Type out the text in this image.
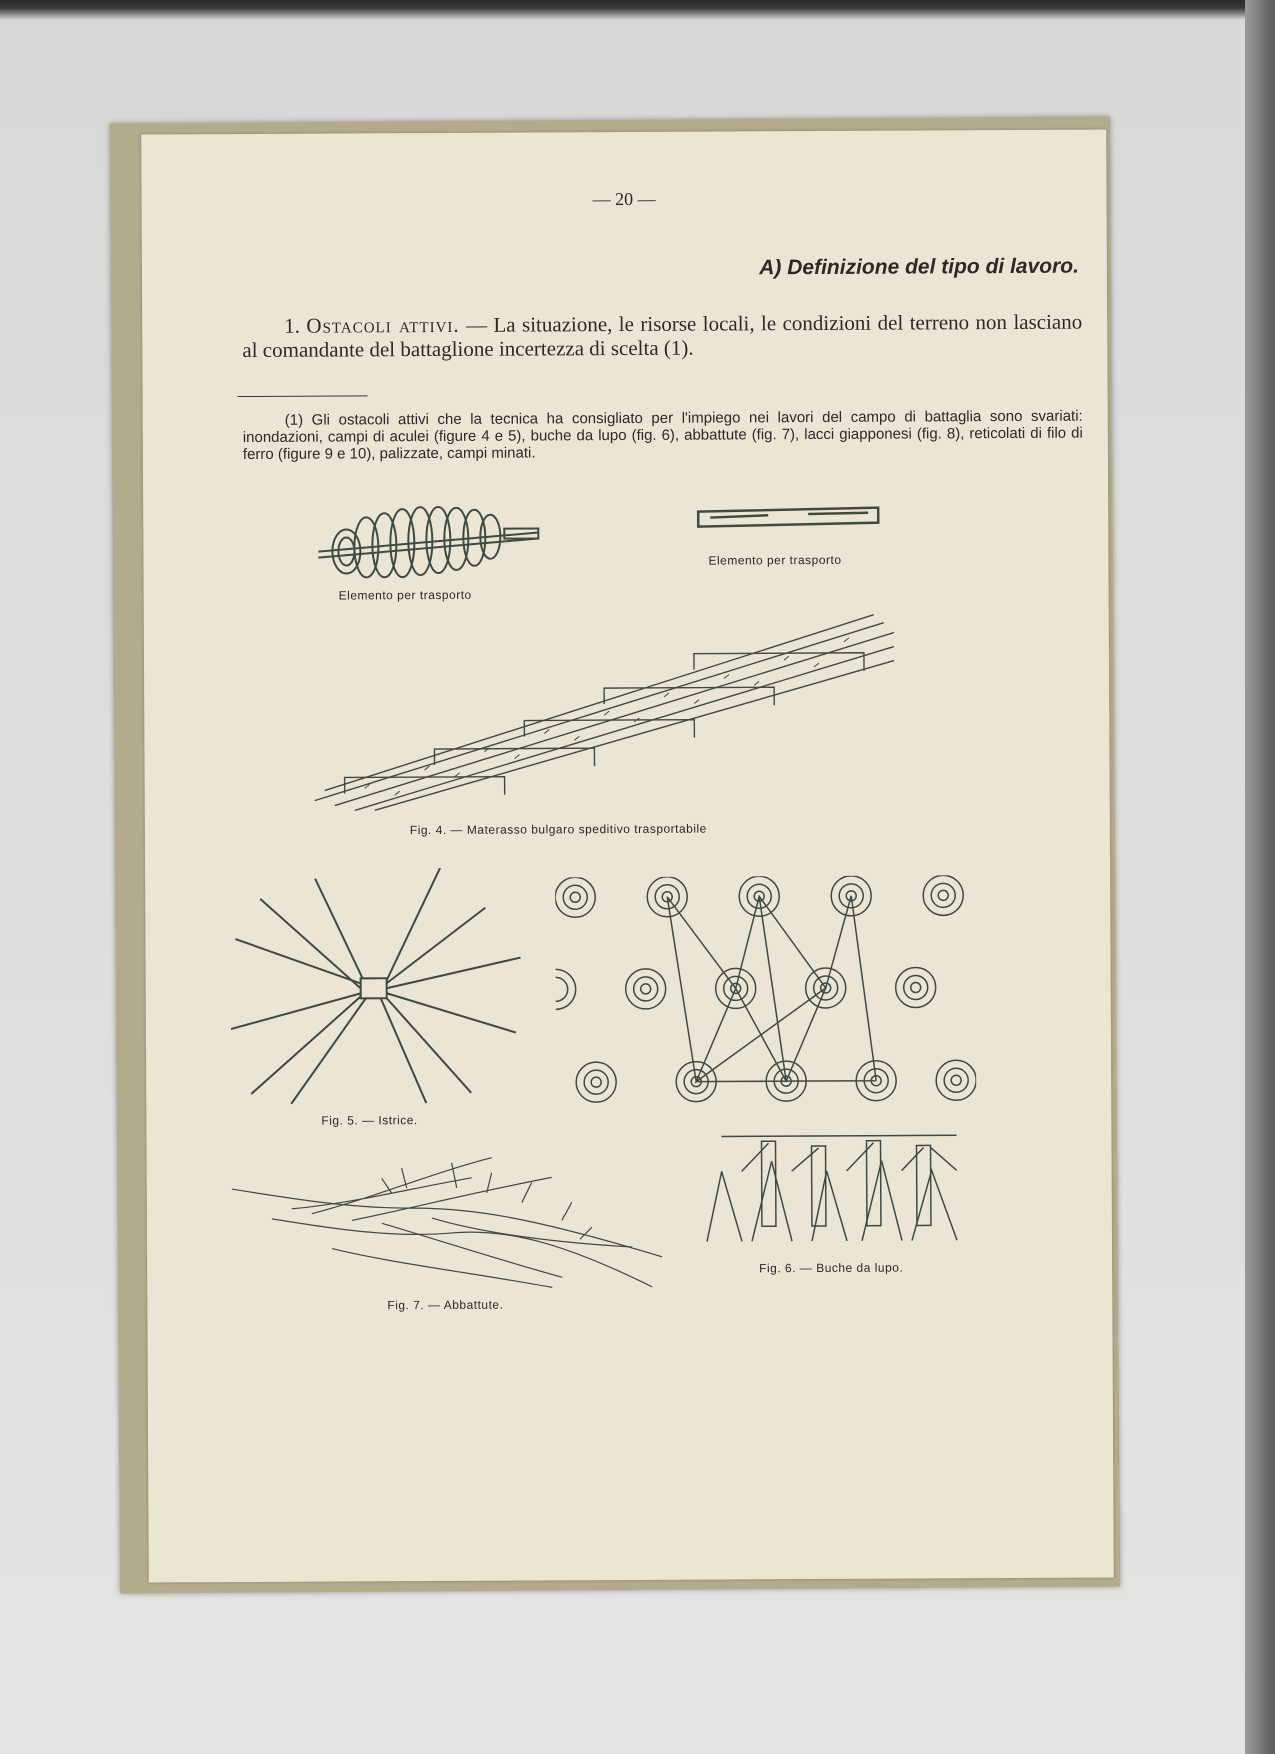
— 20 —
A) Definizione del tipo di lavoro.
1. Ostacoli attivi. — La situazione, le risorse locali, le condizioni del terreno non lasciano al comandante del battaglione incertezza di scelta (1).
(1) Gli ostacoli attivi che la tecnica ha consigliato per l'impiego nei lavori del campo di battaglia sono svariati: inondazioni, campi di aculei (figure 4 e 5), buche da lupo (fig. 6), abbattute (fig. 7), lacci giapponesi (fig. 8), reticolati di filo di ferro (figure 9 e 10), palizzate, campi minati.
Elemento per trasporto
Elemento per trasporto
Fig. 4. — Materasso bulgaro speditivo trasportabile
Fig. 5. — Istrice.
Fig. 7. — Abbattute.
Fig. 6. — Buche da lupo.
